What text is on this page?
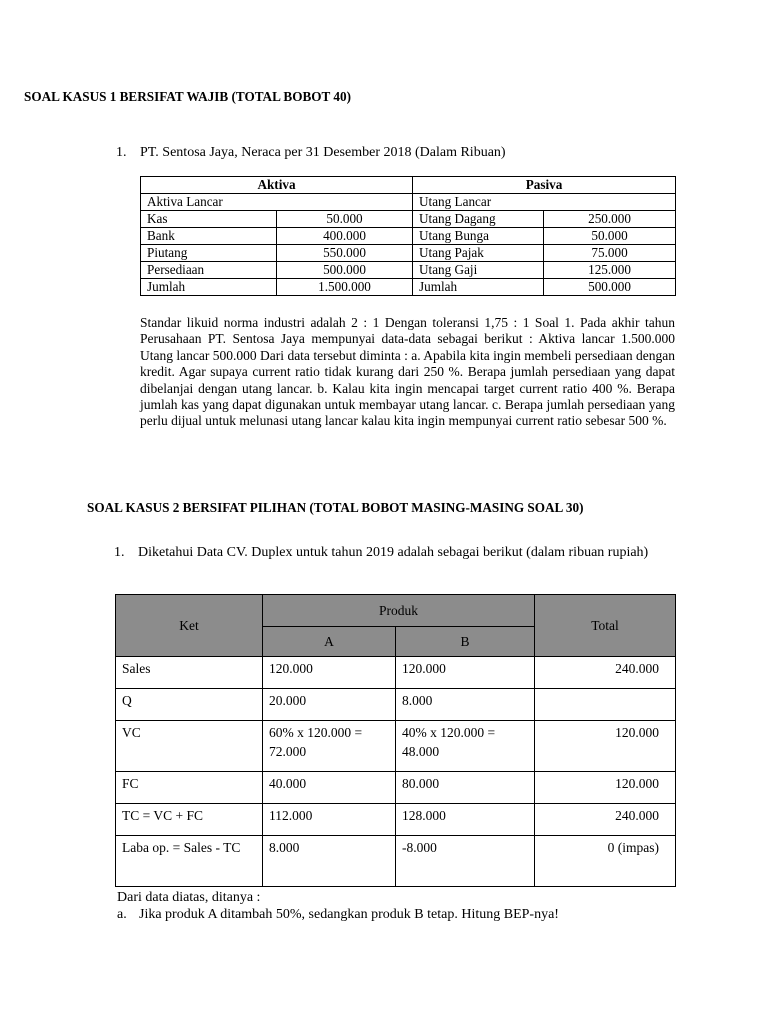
SOAL KASUS 1 BERSIFAT WAJIB (TOTAL BOBOT 40)
1. PT. Sentosa Jaya, Neraca per 31 Desember 2018 (Dalam Ribuan)
Aktiva		Pasiva	
Aktiva Lancar		Utang Lancar	
Kas	50.000	Utang Dagang	250.000
Bank	400.000	Utang Bunga	50.000
Piutang	550.000	Utang Pajak	75.000
Persediaan	500.000	Utang Gaji	125.000
Jumlah	1.500.000	Jumlah	500.000
Standar likuid norma industri adalah 2 : 1 Dengan toleransi 1,75 : 1 Soal 1. Pada akhir tahun Perusahaan PT. Sentosa Jaya mempunyai data-data sebagai berikut : Aktiva lancar 1.500.000 Utang lancar 500.000 Dari data tersebut diminta : a. Apabila kita ingin membeli persediaan dengan kredit. Agar supaya current ratio tidak kurang dari 250 %. Berapa jumlah persediaan yang dapat dibelanjai dengan utang lancar. b. Kalau kita ingin mencapai target current ratio 400 %. Berapa jumlah kas yang dapat digunakan untuk membayar utang lancar. c. Berapa jumlah persediaan yang perlu dijual untuk melunasi utang lancar kalau kita ingin mempunyai current ratio sebesar 500 %.
SOAL KASUS 2 BERSIFAT PILIHAN (TOTAL BOBOT MASING-MASING SOAL 30)
1. Diketahui Data CV. Duplex untuk tahun 2019 adalah sebagai berikut (dalam ribuan rupiah)
Ket	Produk		Total
	A	B	
Sales	120.000	120.000	240.000
Q	20.000	8.000	
VC	60% x 120.000 = 72.000	40% x 120.000 = 48.000	120.000
FC	40.000	80.000	120.000
TC = VC + FC	112.000	128.000	240.000
Laba op. = Sales - TC	8.000	-8.000	0 (impas)
Dari data diatas, ditanya :
a. Jika produk A ditambah 50%, sedangkan produk B tetap. Hitung BEP-nya!
